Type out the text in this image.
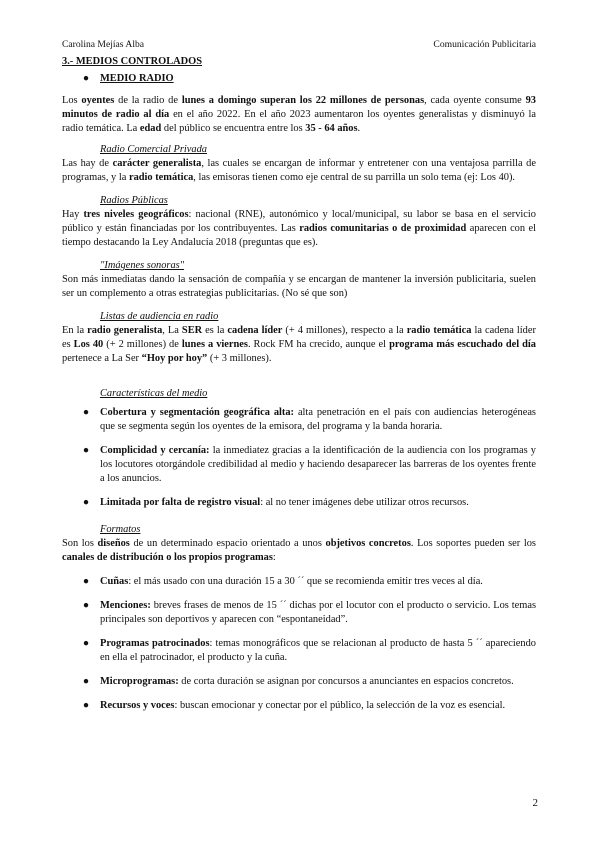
Carolina Mejías Alba	Comunicación Publicitaria

3.- MEDIOS CONTROLADOS

● MEDIO RADIO

Los oyentes de la radio de lunes a domingo superan los 22 millones de personas, cada oyente consume 93 minutos de radio al día en el año 2022. En el año 2023 aumentaron los oyentes generalistas y disminuyó la radio temática. La edad del público se encuentra entre los 35 - 64 años.

Radio Comercial Privada

Las hay de carácter generalista, las cuales se encargan de informar y entretener con una ventajosa parrilla de programas, y la radio temática, las emisoras tienen como eje central de su parrilla un solo tema (ej: Los 40).

Radios Públicas

Hay tres niveles geográficos: nacional (RNE), autonómico y local/municipal, su labor se basa en el servicio público y están financiadas por los contribuyentes. Las radios comunitarias o de proximidad aparecen con el tiempo destacando la Ley Andalucía 2018 (preguntas que es).

"Imágenes sonoras"

Son más inmediatas dando la sensación de compañía y se encargan de mantener la inversión publicitaria, suelen ser un complemento a otras estrategias publicitarias. (No sé que son)

Listas de audiencia en radio

En la radio generalista, La SER es la cadena líder (+ 4 millones), respecto a la radio temática la cadena líder es Los 40 (+ 2 millones) de lunes a viernes. Rock FM ha crecido, aunque el programa más escuchado del día pertenece a La Ser “Hoy por hoy” (+ 3 millones).

Características del medio

● Cobertura y segmentación geográfica alta: alta penetración en el país con audiencias heterogéneas que se segmenta según los oyentes de la emisora, del programa y la banda horaria.

● Complicidad y cercanía: la inmediatez gracias a la identificación de la audiencia con los programas y los locutores otorgándole credibilidad al medio y haciendo desaparecer las barreras de los oyentes frente a los anuncios.

● Limitada por falta de registro visual: al no tener imágenes debe utilizar otros recursos.

Formatos

Son los diseños de un determinado espacio orientado a unos objetivos concretos. Los soportes pueden ser los canales de distribución o los propios programas:

● Cuñas: el más usado con una duración 15 a 30 ´´ que se recomienda emitir tres veces al día.

● Menciones: breves frases de menos de 15 ´´ dichas por el locutor con el producto o servicio. Los temas principales son deportivos y aparecen con “espontaneidad”.

● Programas patrocinados: temas monográficos que se relacionan al producto de hasta 5 ´´ apareciendo en ella el patrocinador, el producto y la cuña.

● Microprogramas: de corta duración se asignan por concursos a anunciantes en espacios concretos.

● Recursos y voces: buscan emocionar y conectar por el público, la selección de la voz es esencial.

2
